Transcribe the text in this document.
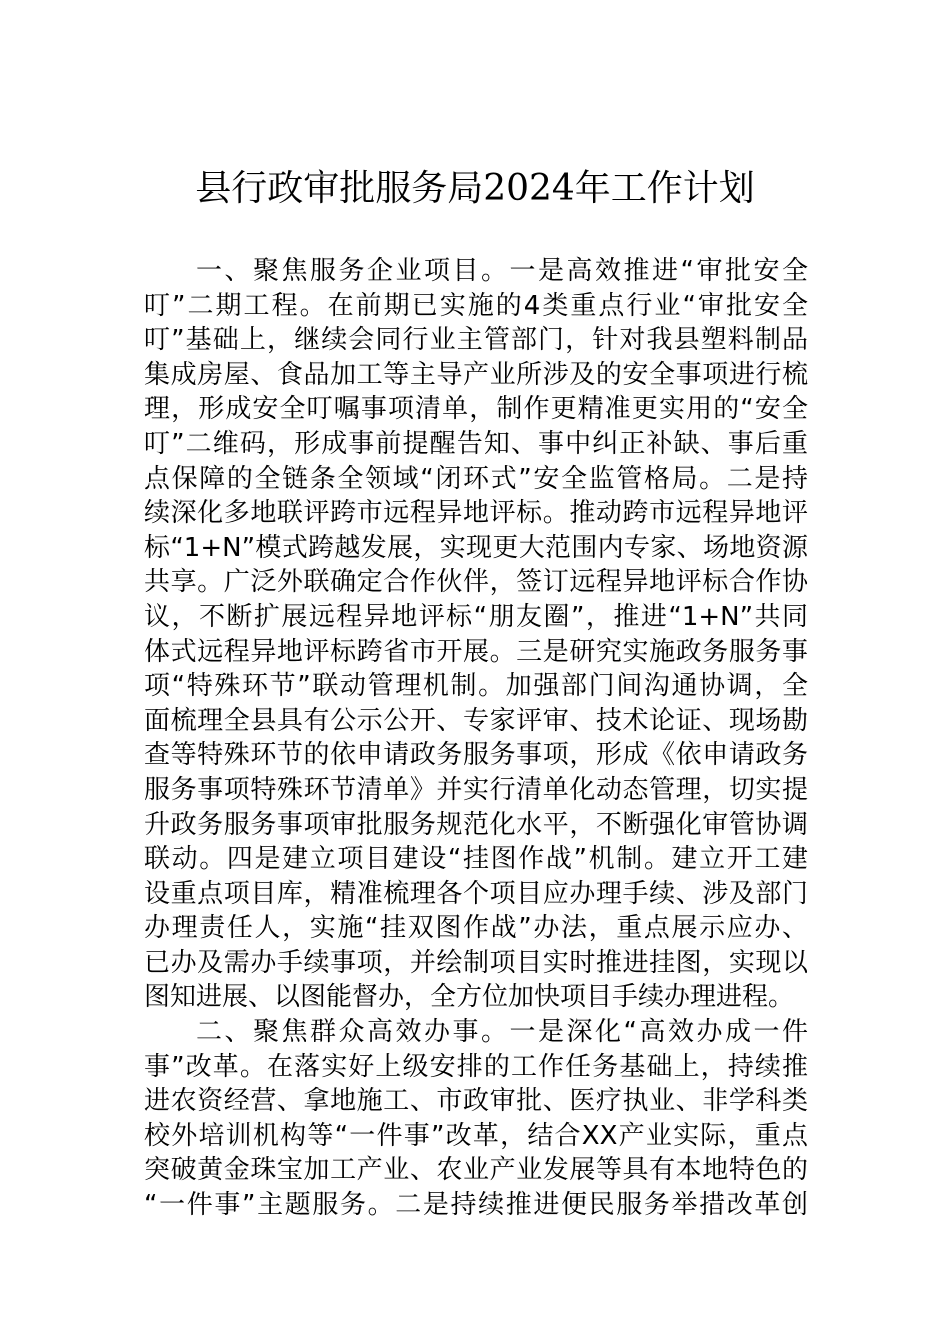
县行政审批服务局2024年工作计划
一、聚焦服务企业项目。一是高效推进“审批安全
叮”二期工程。在前期已实施的4类重点行业“审批安全
叮”基础上，继续会同行业主管部门，针对我县塑料制品
集成房屋、食品加工等主导产业所涉及的安全事项进行梳
理，形成安全叮嘱事项清单，制作更精准更实用的“安全
叮”二维码，形成事前提醒告知、事中纠正补缺、事后重
点保障的全链条全领域“闭环式”安全监管格局。二是持
续深化多地联评跨市远程异地评标。推动跨市远程异地评
标“1+N”模式跨越发展，实现更大范围内专家、场地资源
共享。广泛外联确定合作伙伴，签订远程异地评标合作协
议，不断扩展远程异地评标“朋友圈”，推进“1+N”共同
体式远程异地评标跨省市开展。三是研究实施政务服务事
项“特殊环节”联动管理机制。加强部门间沟通协调，全
面梳理全县具有公示公开、专家评审、技术论证、现场勘
查等特殊环节的依申请政务服务事项，形成《依申请政务
服务事项特殊环节清单》并实行清单化动态管理，切实提
升政务服务事项审批服务规范化水平，不断强化审管协调
联动。四是建立项目建设“挂图作战”机制。建立开工建
设重点项目库，精准梳理各个项目应办理手续、涉及部门
办理责任人，实施“挂双图作战”办法，重点展示应办、
已办及需办手续事项，并绘制项目实时推进挂图，实现以
图知进展、以图能督办，全方位加快项目手续办理进程。
二、聚焦群众高效办事。一是深化“高效办成一件
事”改革。在落实好上级安排的工作任务基础上，持续推
进农资经营、拿地施工、市政审批、医疗执业、非学科类
校外培训机构等“一件事”改革，结合XX产业实际，重点
突破黄金珠宝加工产业、农业产业发展等具有本地特色的
“一件事”主题服务。二是持续推进便民服务举措改革创
